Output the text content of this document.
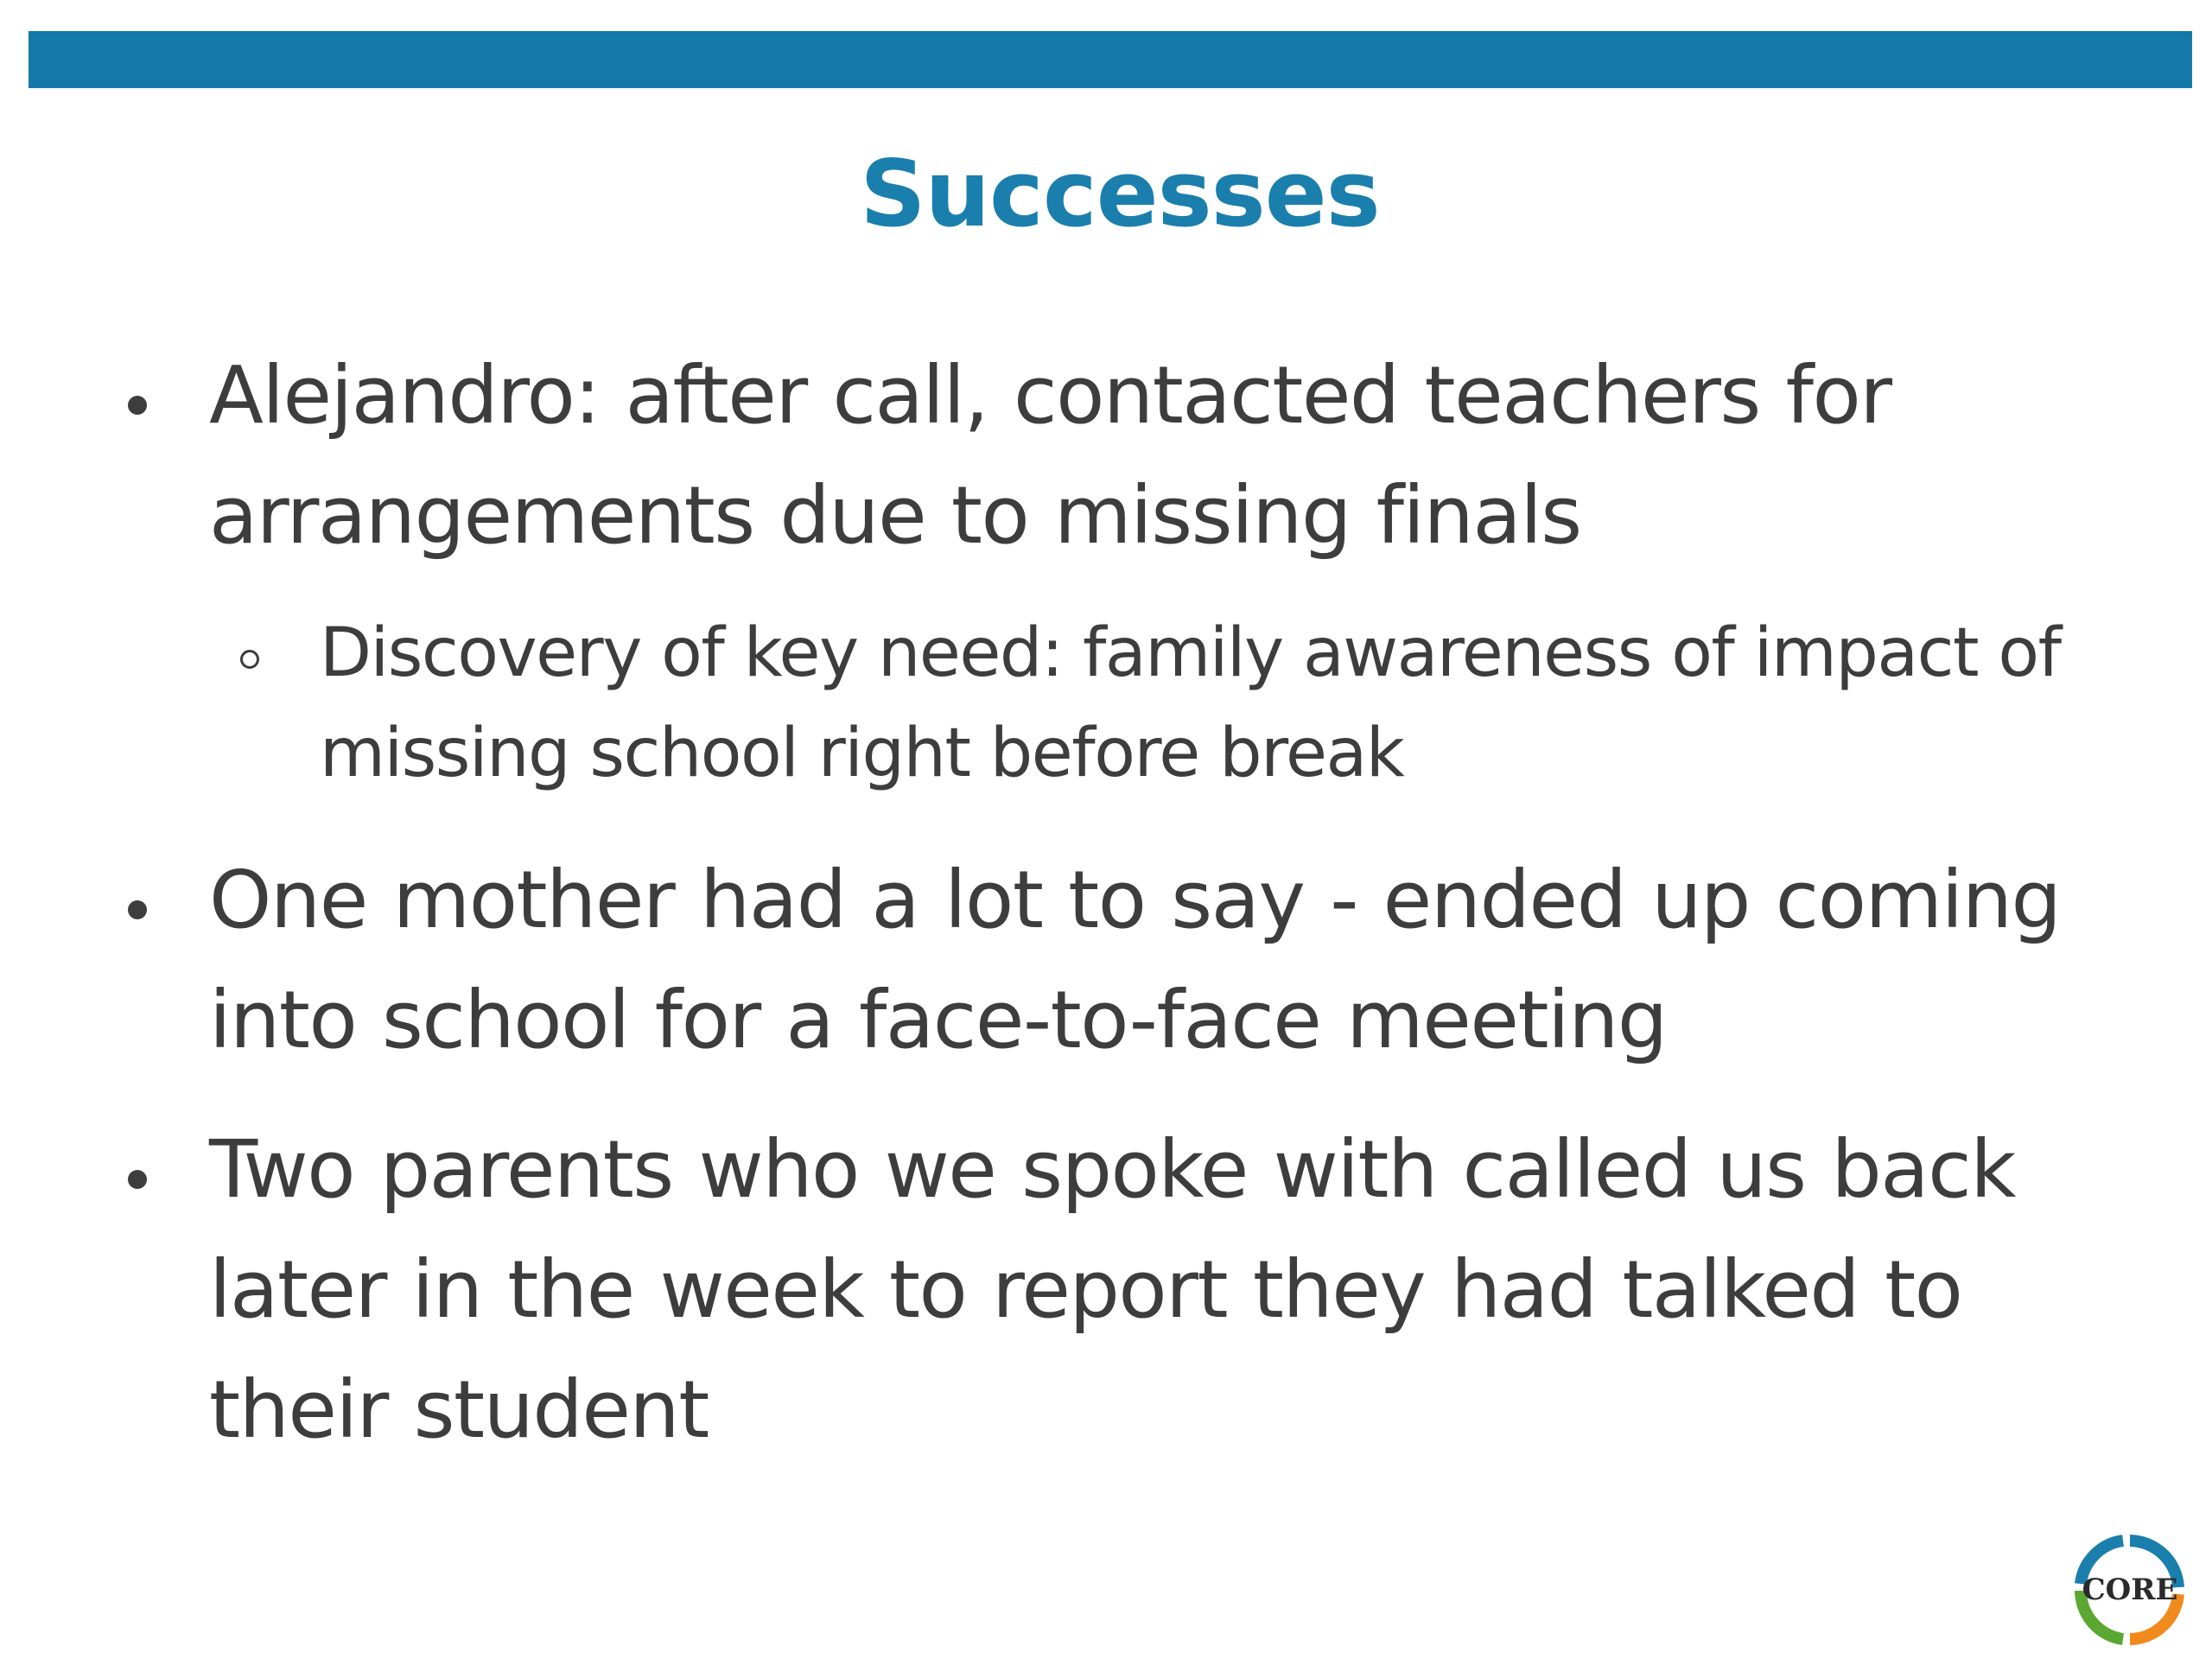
Successes
Alejandro: after call, contacted teachers for arrangements due to missing finals
Discovery of key need: family awareness of impact of missing school right before break
One mother had a lot to say - ended up coming into school for a face-to-face meeting
Two parents who we spoke with called us back later in the week to report they had talked to their student
CORE
